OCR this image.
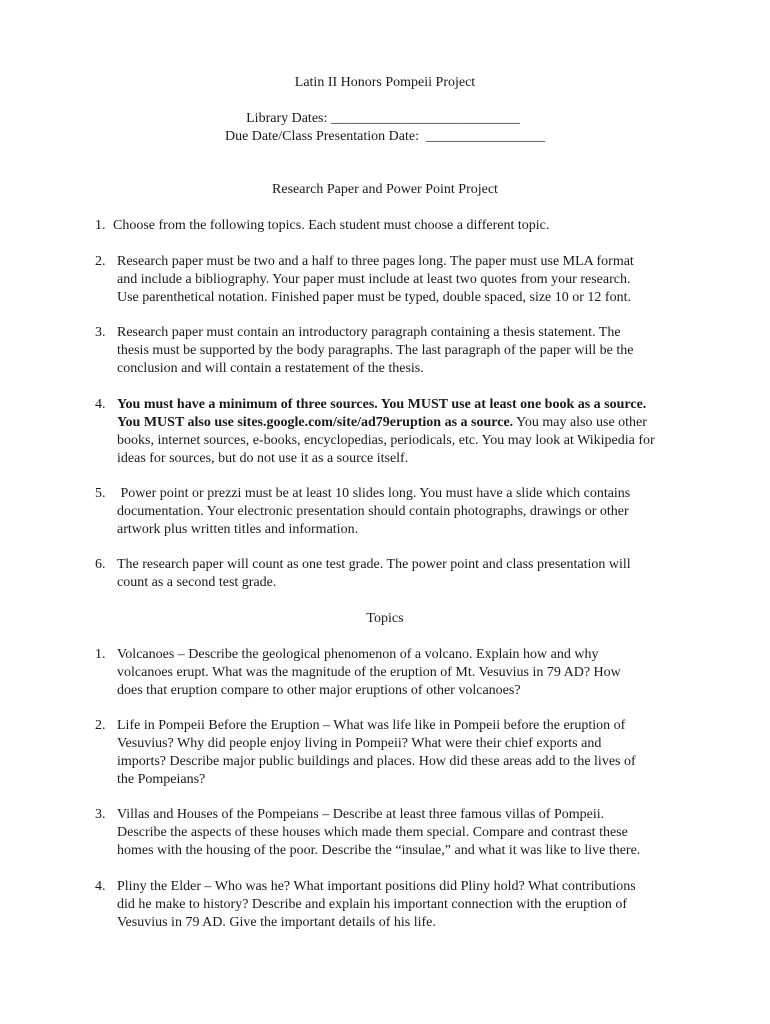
Latin II Honors Pompeii Project
Library Dates: ___________________________
Due Date/Class Presentation Date:  _________________
Research Paper and Power Point Project
1. Choose from the following topics. Each student must choose a different topic.
2. Research paper must be two and a half to three pages long. The paper must use MLA format
and include a bibliography. Your paper must include at least two quotes from your research.
Use parenthetical notation. Finished paper must be typed, double spaced, size 10 or 12 font.
3. Research paper must contain an introductory paragraph containing a thesis statement. The
thesis must be supported by the body paragraphs. The last paragraph of the paper will be the
conclusion and will contain a restatement of the thesis.
4. You must have a minimum of three sources. You MUST use at least one book as a source.
You MUST also use sites.google.com/site/ad79eruption as a source. You may also use other
books, internet sources, e-books, encyclopedias, periodicals, etc. You may look at Wikipedia for
ideas for sources, but do not use it as a source itself.
5. Power point or prezzi must be at least 10 slides long. You must have a slide which contains
documentation. Your electronic presentation should contain photographs, drawings or other
artwork plus written titles and information.
6. The research paper will count as one test grade. The power point and class presentation will
count as a second test grade.
Topics
1. Volcanoes – Describe the geological phenomenon of a volcano. Explain how and why
volcanoes erupt. What was the magnitude of the eruption of Mt. Vesuvius in 79 AD? How
does that eruption compare to other major eruptions of other volcanoes?
2. Life in Pompeii Before the Eruption – What was life like in Pompeii before the eruption of
Vesuvius? Why did people enjoy living in Pompeii? What were their chief exports and
imports? Describe major public buildings and places. How did these areas add to the lives of
the Pompeians?
3. Villas and Houses of the Pompeians – Describe at least three famous villas of Pompeii.
Describe the aspects of these houses which made them special. Compare and contrast these
homes with the housing of the poor. Describe the “insulae,” and what it was like to live there.
4. Pliny the Elder – Who was he? What important positions did Pliny hold? What contributions
did he make to history? Describe and explain his important connection with the eruption of
Vesuvius in 79 AD. Give the important details of his life.
